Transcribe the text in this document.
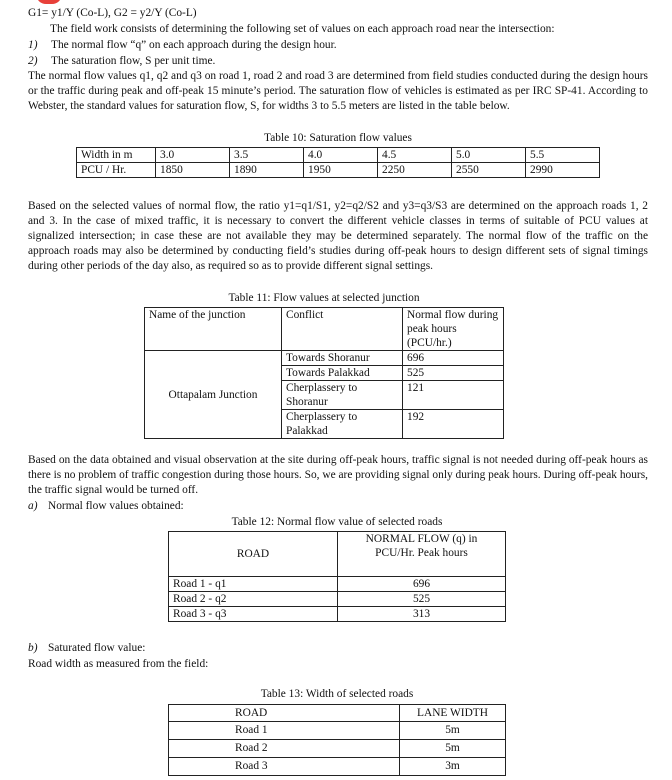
G1= y1/Y (Co-L), G2 = y2/Y (Co-L)

The field work consists of determining the following set of values on each approach road near the intersection:

1) The normal flow “q” on each approach during the design hour.
2) The saturation flow, S per unit time.

The normal flow values q1, q2 and q3 on road 1, road 2 and road 3 are determined from field studies conducted during the design hours or the traffic during peak and off-peak 15 minute’s period. The saturation flow of vehicles is estimated as per IRC SP-41. According to Webster, the standard values for saturation flow, S, for widths 3 to 5.5 meters are listed in the table below.

Table 10: Saturation flow values
Width in m	3.0	3.5	4.0	4.5	5.0	5.5
PCU / Hr.	1850	1890	1950	2250	2550	2990

Based on the selected values of normal flow, the ratio y1=q1/S1, y2=q2/S2 and y3=q3/S3 are determined on the approach roads 1, 2 and 3. In the case of mixed traffic, it is necessary to convert the different vehicle classes in terms of suitable of PCU values at signalized intersection; in case these are not available they may be determined separately. The normal flow of the traffic on the approach roads may also be determined by conducting field’s studies during off-peak hours to design different sets of signal timings during other periods of the day also, as required so as to provide different signal settings.

Table 11: Flow values at selected junction
Name of the junction	Conflict	Normal flow during peak hours (PCU/hr.)
Ottapalam Junction	Towards Shoranur	696
	Towards Palakkad	525
	Cherplassery to Shoranur	121
	Cherplassery to Palakkad	192

Based on the data obtained and visual observation at the site during off-peak hours, traffic signal is not needed during off-peak hours as there is no problem of traffic congestion during those hours. So, we are providing signal only during peak hours. During off-peak hours, the traffic signal would be turned off.

a) Normal flow values obtained:
Table 12: Normal flow value of selected roads
ROAD	NORMAL FLOW (q) in PCU/Hr. Peak hours
Road 1 - q1	696
Road 2 - q2	525
Road 3 - q3	313
b) Saturated flow value:

Road width as measured from the field:

Table 13: Width of selected roads
ROAD	LANE WIDTH
Road 1	5m
Road 2	5m
Road 3	3m
